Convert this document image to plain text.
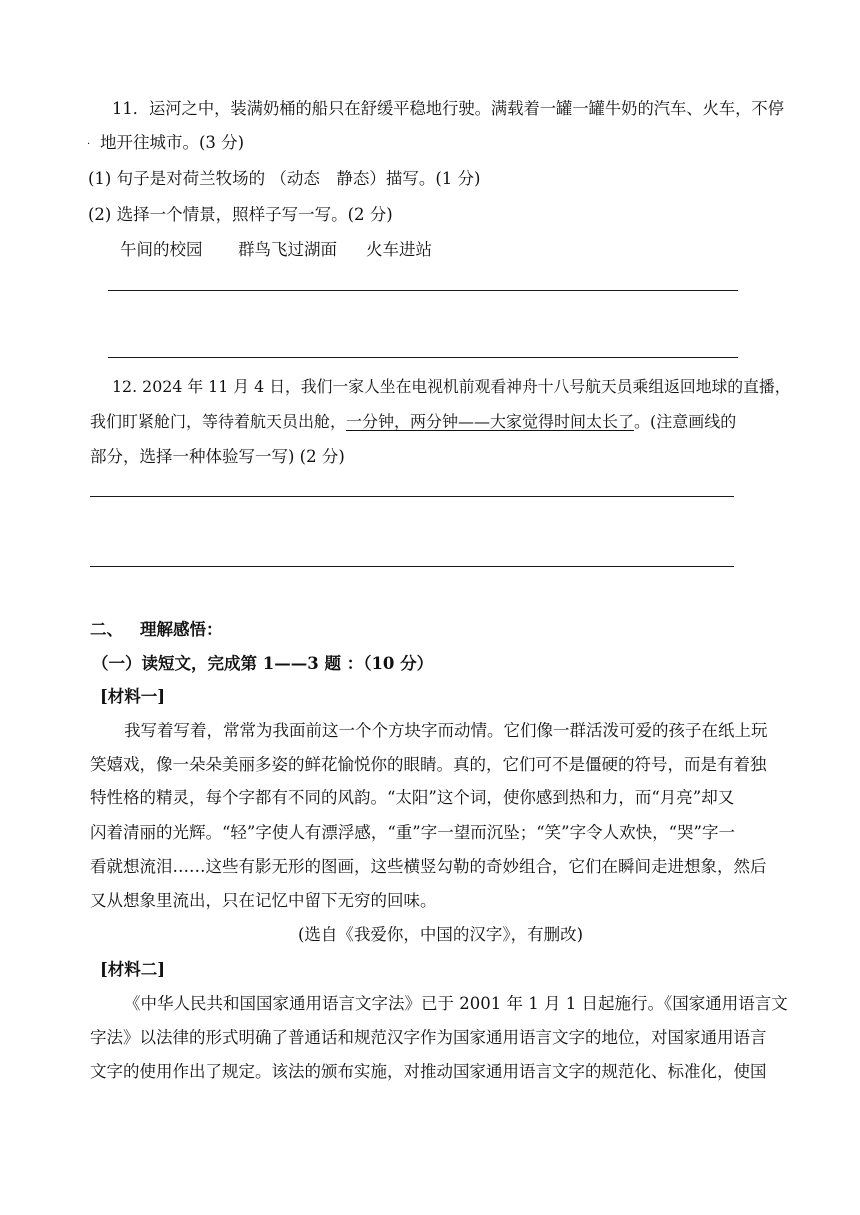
11．运河之中，装满奶桶的船只在舒缓平稳地行驶。满载着一罐一罐牛奶的汽车、火车，不停
· 地开往城市。(3 分)
(1) 句子是对荷兰牧场的 （动态　静态）描写。(1 分)
(2) 选择一个情景，照样子写一写。(2 分)
午间的校园 群鸟飞过湖面 火车进站
12. 2024 年 11 月 4 日，我们一家人坐在电视机前观看神舟十八号航天员乘组返回地球的直播，
我们盯紧舱门，等待着航天员出舱，一分钟，两分钟——大家觉得时间太长了。(注意画线的
部分，选择一种体验写一写) (2 分)
二、 理解感悟：
（一）读短文，完成第 1——3 题 ：（10 分）
[材料一]
我写着写着，常常为我面前这一个个方块字而动情。它们像一群活泼可爱的孩子在纸上玩
笑嬉戏，像一朵朵美丽多姿的鲜花愉悦你的眼睛。真的，它们可不是僵硬的符号，而是有着独
特性格的精灵，每个字都有不同的风韵。“太阳”这个词，使你感到热和力，而“月亮”却又
闪着清丽的光辉。“轻”字使人有漂浮感，“重”字一望而沉坠；“笑”字令人欢快，“哭”字一
看就想流泪……这些有影无形的图画，这些横竖勾勒的奇妙组合，它们在瞬间走进想象，然后
又从想象里流出，只在记忆中留下无穷的回味。
(选自《我爱你，中国的汉字》，有删改)
[材料二]
《中华人民共和国国家通用语言文字法》已于 2001 年 1 月 1 日起施行。《国家通用语言文
字法》以法律的形式明确了普通话和规范汉字作为国家通用语言文字的地位，对国家通用语言
文字的使用作出了规定。该法的颁布实施，对推动国家通用语言文字的规范化、标准化，使国
